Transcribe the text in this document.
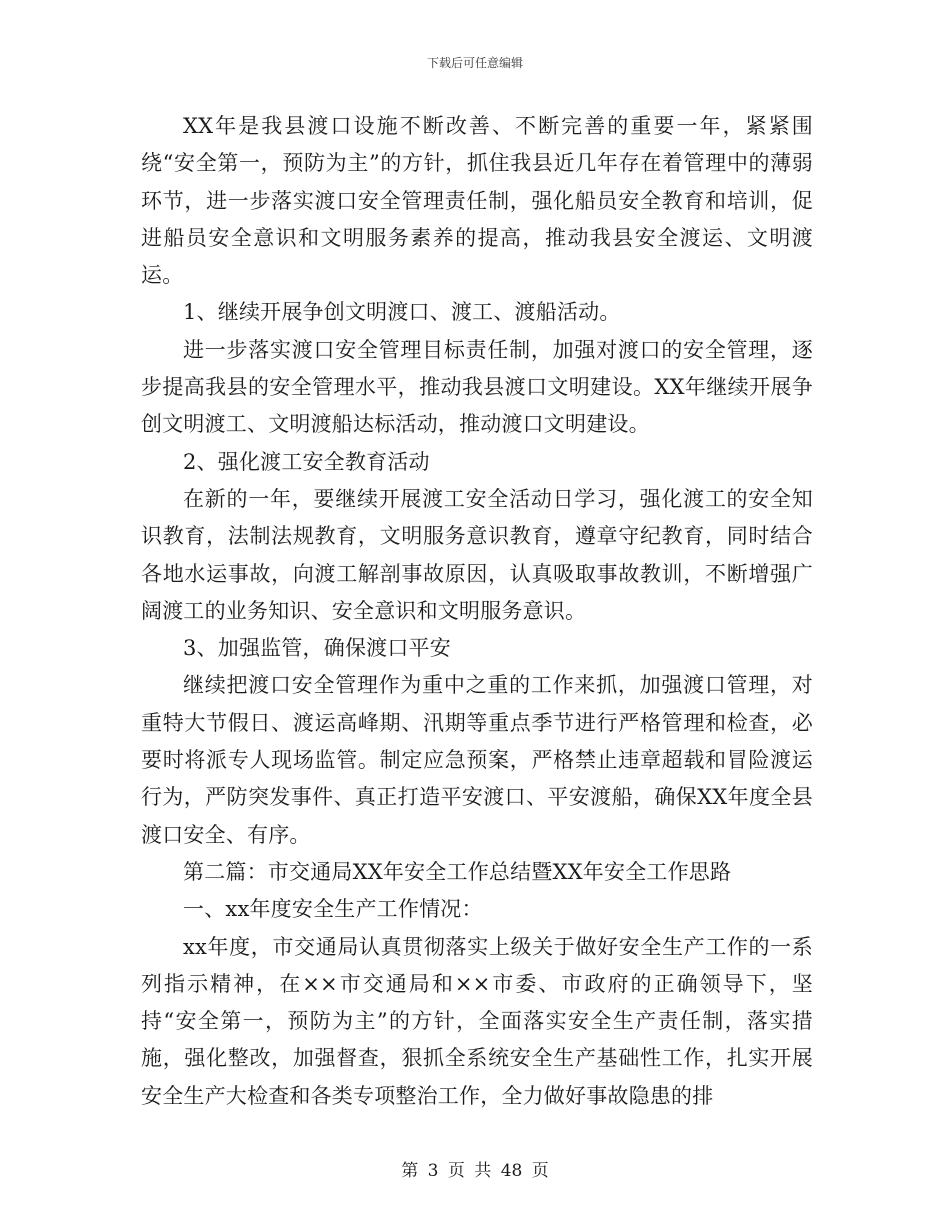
下载后可任意编辑

XX年是我县渡口设施不断改善、不断完善的重要一年，紧紧围绕“安全第一，预防为主”的方针，抓住我县近几年存在着管理中的薄弱环节，进一步落实渡口安全管理责任制，强化船员安全教育和培训，促进船员安全意识和文明服务素养的提高，推动我县安全渡运、文明渡运。

1、继续开展争创文明渡口、渡工、渡船活动。

进一步落实渡口安全管理目标责任制，加强对渡口的安全管理，逐步提高我县的安全管理水平，推动我县渡口文明建设。XX年继续开展争创文明渡工、文明渡船达标活动，推动渡口文明建设。

2、强化渡工安全教育活动

在新的一年，要继续开展渡工安全活动日学习，强化渡工的安全知识教育，法制法规教育，文明服务意识教育，遵章守纪教育，同时结合各地水运事故，向渡工解剖事故原因，认真吸取事故教训，不断增强广阔渡工的业务知识、安全意识和文明服务意识。

3、加强监管，确保渡口平安

继续把渡口安全管理作为重中之重的工作来抓，加强渡口管理，对重特大节假日、渡运高峰期、汛期等重点季节进行严格管理和检查，必要时将派专人现场监管。制定应急预案，严格禁止违章超载和冒险渡运行为，严防突发事件、真正打造平安渡口、平安渡船，确保XX年度全县渡口安全、有序。

第二篇：市交通局XX年安全工作总结暨XX年安全工作思路

一、xx年度安全生产工作情况：

xx年度，市交通局认真贯彻落实上级关于做好安全生产工作的一系列指示精神，在××市交通局和××市委、市政府的正确领导下，坚持“安全第一，预防为主”的方针，全面落实安全生产责任制，落实措施，强化整改，加强督查，狠抓全系统安全生产基础性工作，扎实开展安全生产大检查和各类专项整治工作，全力做好事故隐患的排

第 3 页 共 48 页
